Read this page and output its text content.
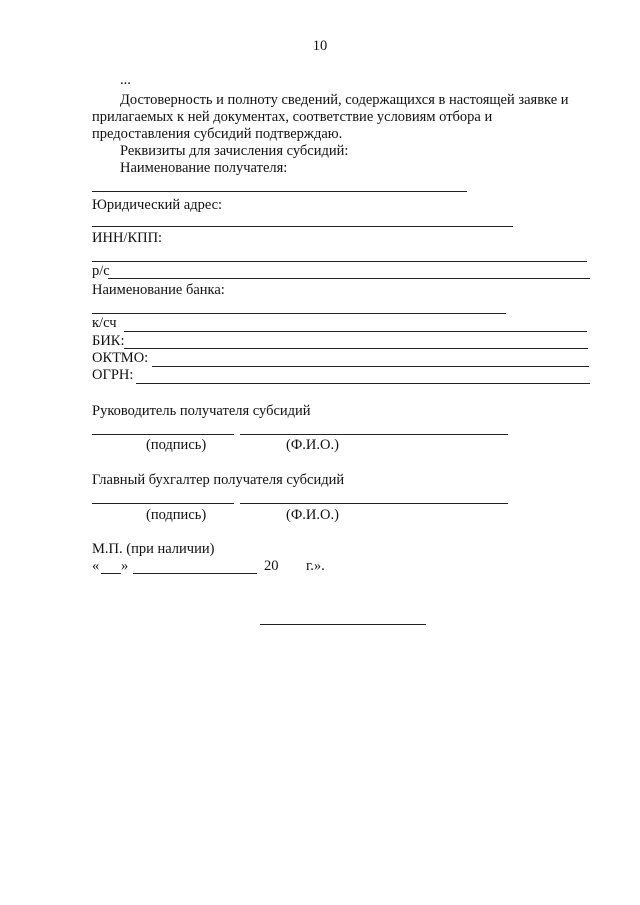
10
...
Достоверность и полноту сведений, содержащихся в настоящей заявке и
прилагаемых к ней документах, соответствие условиям отбора и
предоставления субсидий подтверждаю.
Реквизиты для зачисления субсидий:
Наименование получателя:
Юридический адрес:
ИНН/КПП:
р/с
Наименование банка:
к/сч
БИК:
ОКТМО:
ОГРН:
Руководитель получателя субсидий
(подпись)	(Ф.И.О.)
Главный бухгалтер получателя субсидий
(подпись)	(Ф.И.О.)
М.П. (при наличии)
« »	20 г.».
